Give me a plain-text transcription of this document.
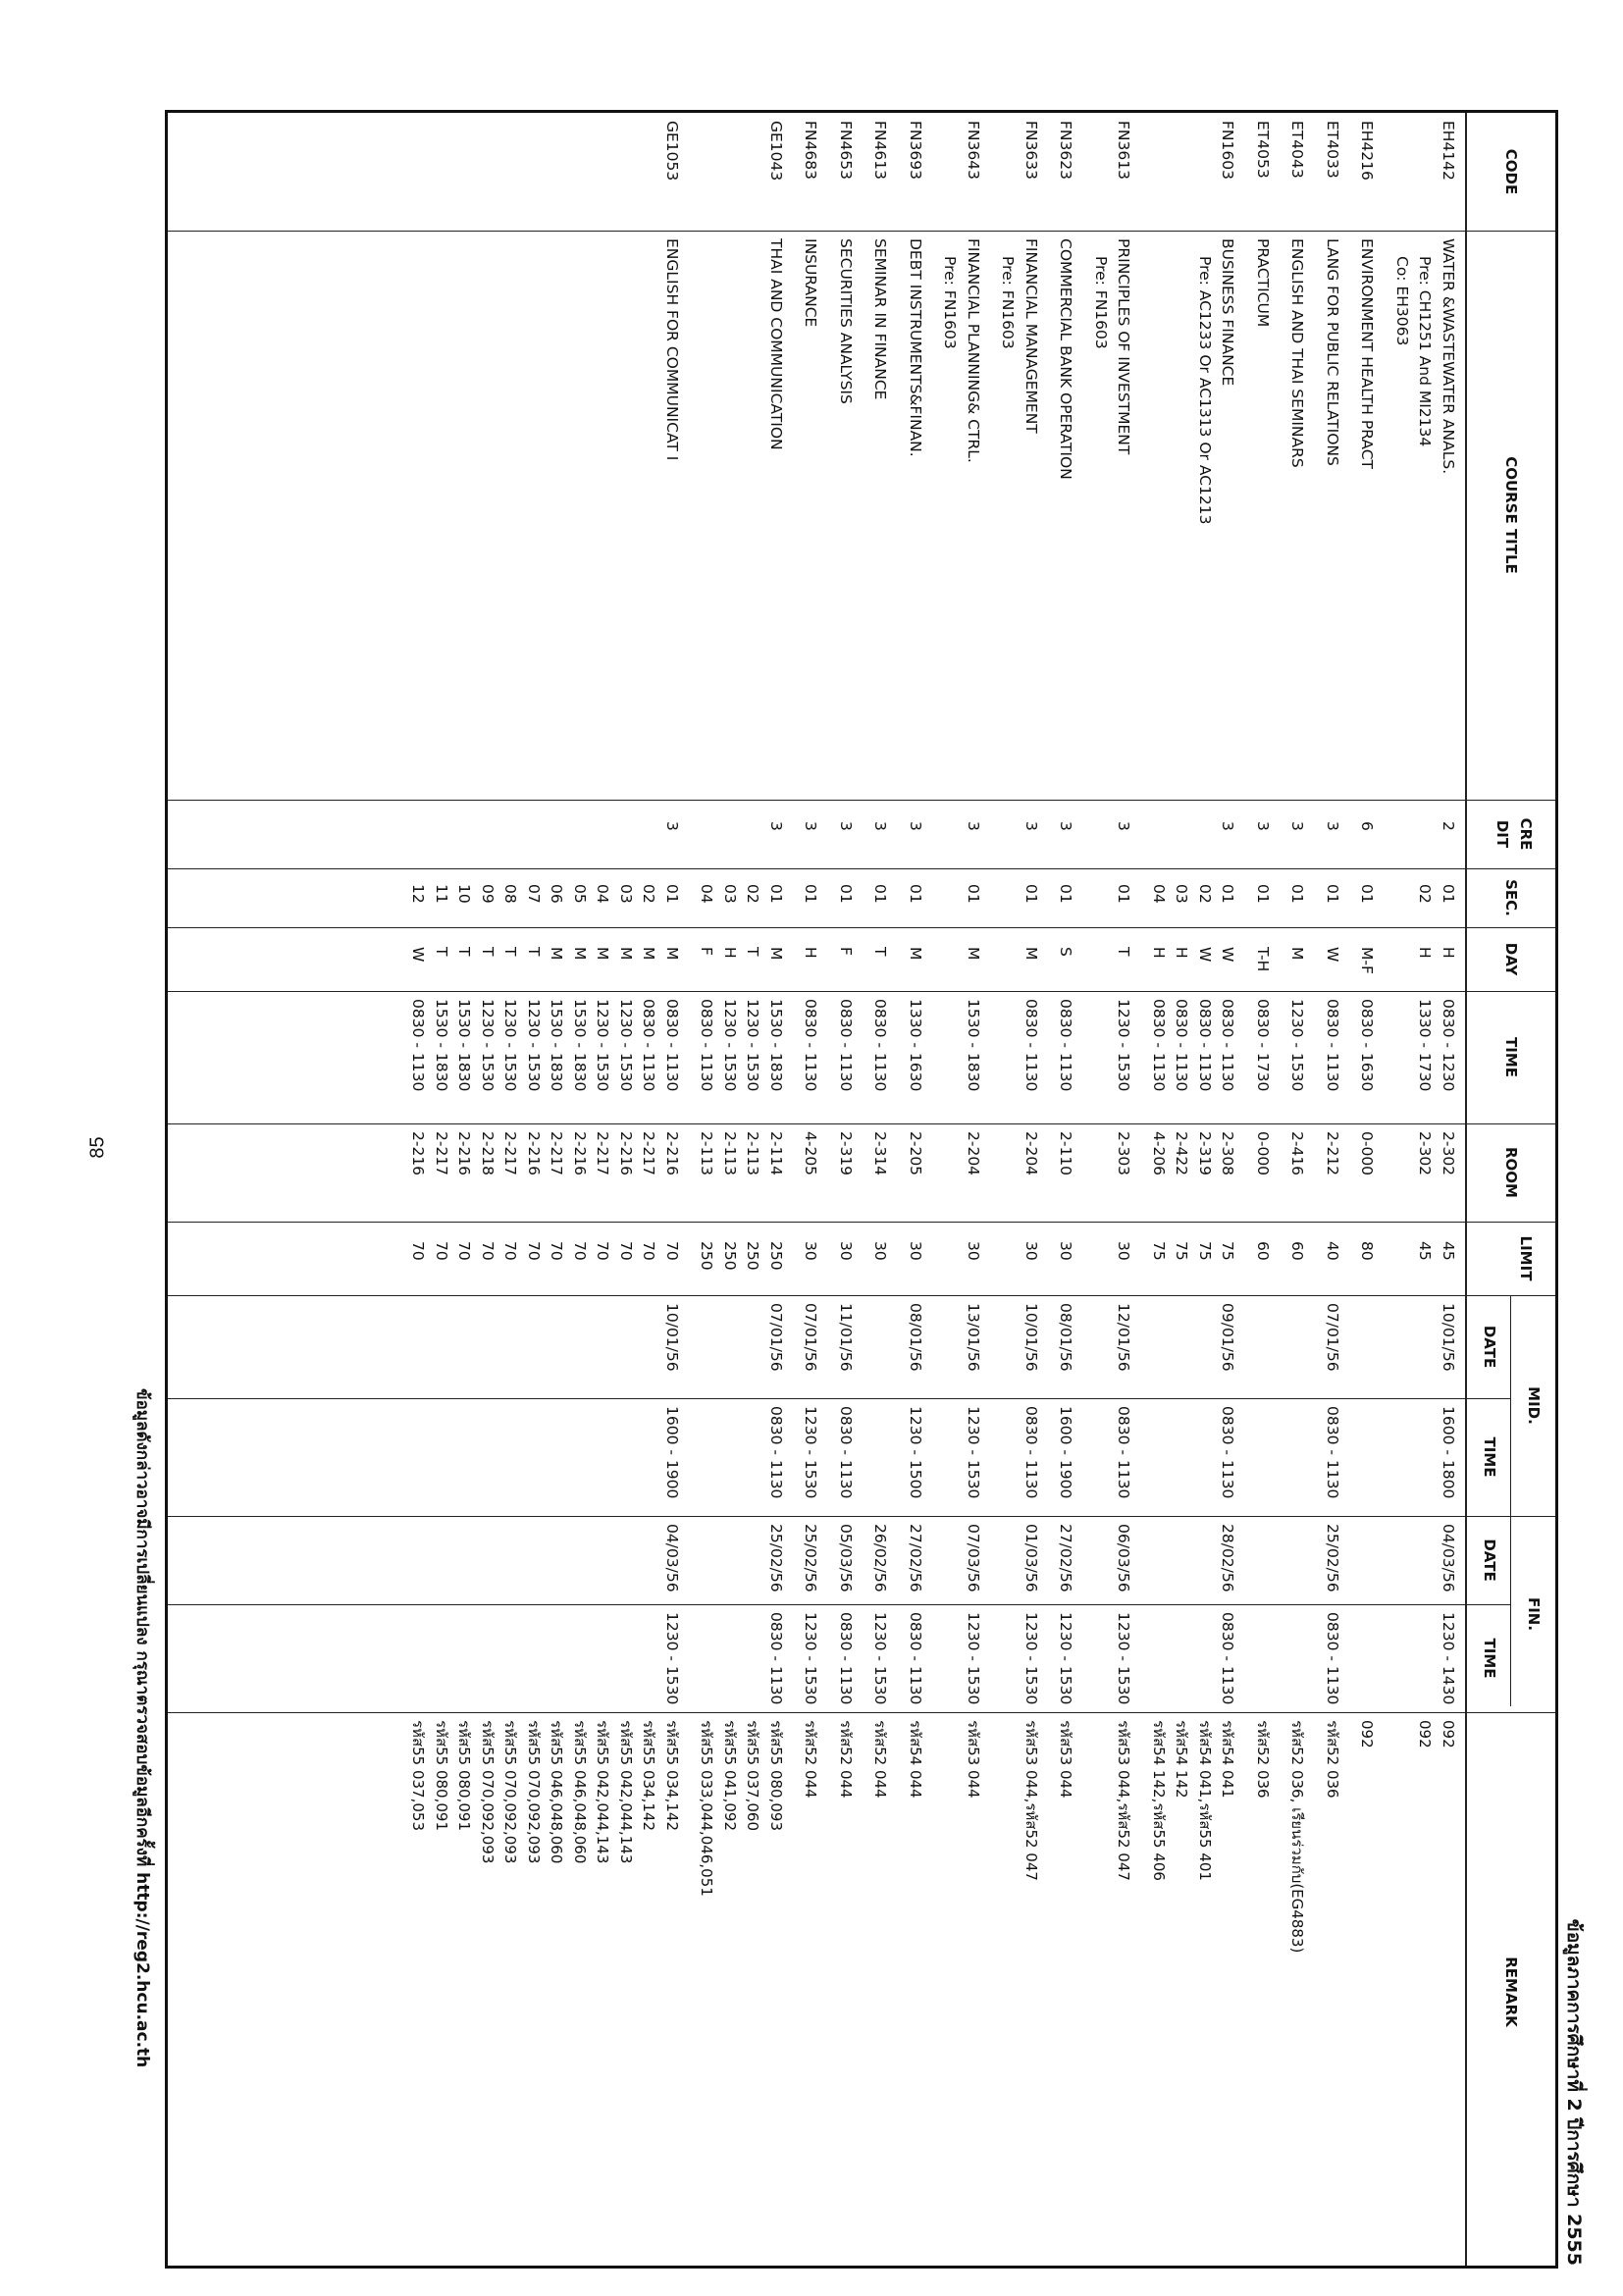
85
CODE
COURSE TITLE
CRE DIT
SEC.
DAY
TIME
ROOM
LIMIT
MID.
FIN.
DATE
TIME
DATE
TIME
REMARK
EH4142
WATER &WASTEWATER ANALS.
Pre: CH1251 And MI2134
Co: EH3063
2
01
H
0830 - 1230
2-302
45
10/01/56
1600 - 1800
04/03/56
1230 - 1430
092
02
H
1330 - 1730
2-302
45
092
EH4216
ENVIRONMENT HEALTH PRACT
6
01
M-F
0830 - 1630
0-000
80
092
ET4033
LANG FOR PUBLIC RELATIONS
3
01
W
0830 - 1130
2-212
40
07/01/56
0830 - 1130
25/02/56
0830 - 1130
รหัส52 036
ET4043
ENGLISH AND THAI SEMINARS
3
01
M
1230 - 1530
2-416
60
รหัส52 036, เรียนร่วมกับ(EG4883)
ET4053
PRACTICUM
3
01
T-H
0830 - 1730
0-000
60
รหัส52 036
FN1603
BUSINESS FINANCE
Pre: AC1233 Or AC1313 Or AC1213
3
01
W
0830 - 1130
2-308
75
09/01/56
0830 - 1130
28/02/56
0830 - 1130
รหัส54 041
02
W
0830 - 1130
2-319
75
รหัส54 041,รหัส55 401
03
H
0830 - 1130
2-422
75
รหัส54 142
04
H
0830 - 1130
4-206
75
รหัส54 142,รหัส55 406
FN3613
PRINCIPLES OF INVESTMENT
Pre: FN1603
3
01
T
1230 - 1530
2-303
30
12/01/56
0830 - 1130
06/03/56
1230 - 1530
รหัส53 044,รหัส52 047
FN3623
COMMERCIAL BANK OPERATION
3
01
S
0830 - 1130
2-110
30
08/01/56
1600 - 1900
27/02/56
1230 - 1530
รหัส53 044
FN3633
FINANCIAL MANAGEMENT
Pre: FN1603
3
01
M
0830 - 1130
2-204
30
10/01/56
0830 - 1130
01/03/56
1230 - 1530
รหัส53 044,รหัส52 047
FN3643
FINANCIAL PLANNING& CTRL.
Pre: FN1603
3
01
M
1530 - 1830
2-204
30
13/01/56
1230 - 1530
07/03/56
1230 - 1530
รหัส53 044
FN3693
DEBT INSTRUMENTS&FINAN.
3
01
M
1330 - 1630
2-205
30
08/01/56
1230 - 1500
27/02/56
0830 - 1130
รหัส54 044
FN4613
SEMINAR IN FINANCE
3
01
T
0830 - 1130
2-314
30
26/02/56
1230 - 1530
รหัส52 044
FN4653
SECURITIES ANALYSIS
3
01
F
0830 - 1130
2-319
30
11/01/56
0830 - 1130
05/03/56
0830 - 1130
รหัส52 044
FN4683
INSURANCE
3
01
H
0830 - 1130
4-205
30
07/01/56
1230 - 1530
25/02/56
1230 - 1530
รหัส52 044
GE1043
THAI AND COMMUNICATION
3
01
M
1530 - 1830
2-114
250
07/01/56
0830 - 1130
25/02/56
0830 - 1130
รหัส55 080,093
02
T
1230 - 1530
2-113
250
รหัส55 037,060
03
H
1230 - 1530
2-113
250
รหัส55 041,092
04
F
0830 - 1130
2-113
250
รหัส55 033,044,046,051
GE1053
ENGLISH FOR COMMUNICAT I
3
01
M
0830 - 1130
2-216
70
10/01/56
1600 - 1900
04/03/56
1230 - 1530
รหัส55 034,142
02
M
0830 - 1130
2-217
70
รหัส55 034,142
03
M
1230 - 1530
2-216
70
รหัส55 042,044,143
04
M
1230 - 1530
2-217
70
รหัส55 042,044,143
05
M
1530 - 1830
2-216
70
รหัส55 046,048,060
06
M
1530 - 1830
2-217
70
รหัส55 046,048,060
07
T
1230 - 1530
2-216
70
รหัส55 070,092,093
08
T
1230 - 1530
2-217
70
รหัส55 070,092,093
09
T
1230 - 1530
2-218
70
รหัส55 070,092,093
10
T
1530 - 1830
2-216
70
รหัส55 080,091
11
T
1530 - 1830
2-217
70
รหัส55 080,091
12
W
0830 - 1130
2-216
70
รหัส55 037,053
ข้อมูลภาคการศึกษาที่ 2 ปีการศึกษา 2555
ข้อมูลดังกล่าวอาจมีการเปลี่ยนแปลง กรุณาตรวจสอบข้อมูลอีกครั้งที่ http://reg2.hcu.ac.th
